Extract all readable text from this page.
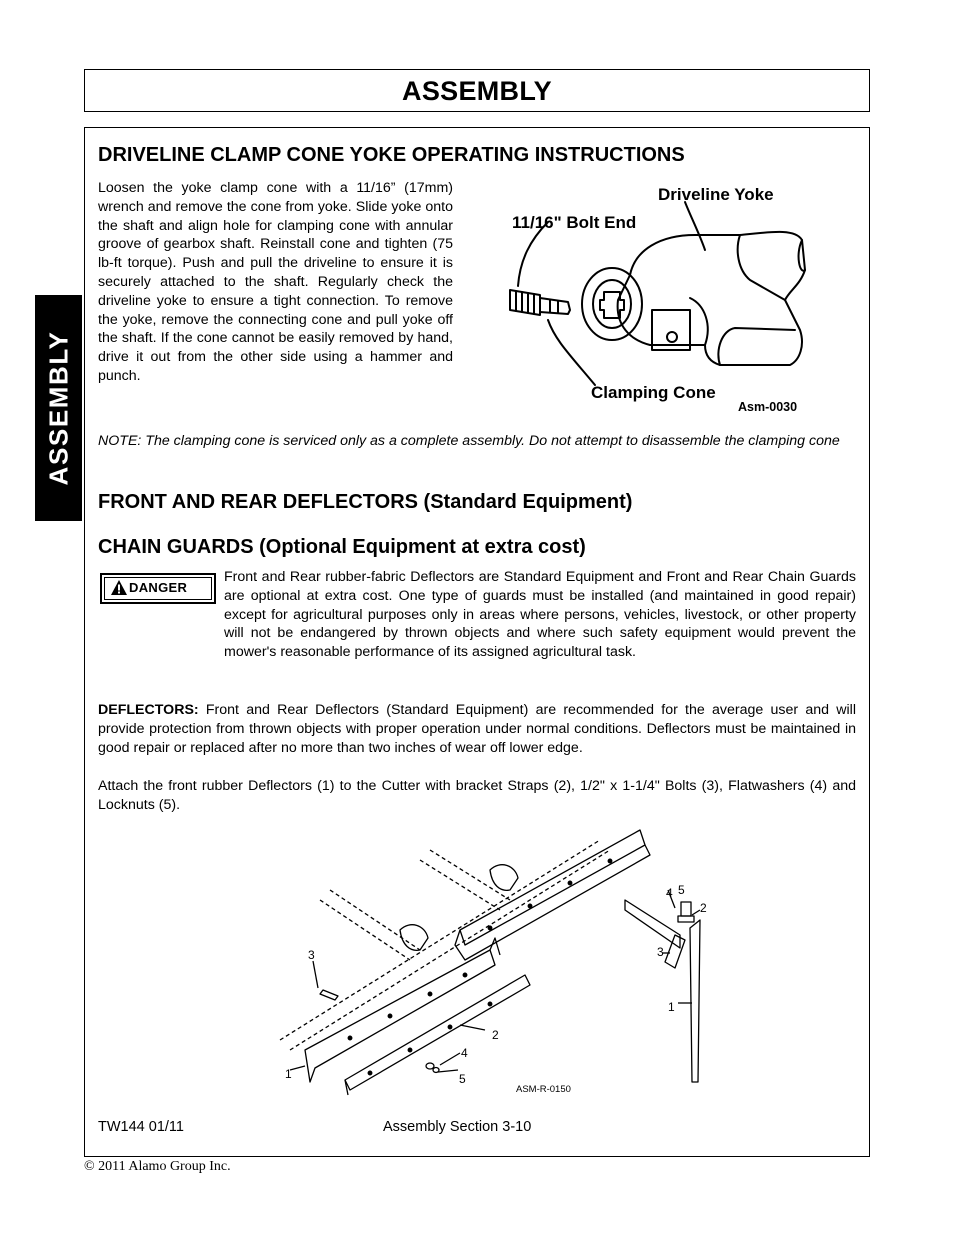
ASSEMBLY
ASSEMBLY
DRIVELINE CLAMP CONE YOKE OPERATING INSTRUCTIONS
Loosen the yoke clamp cone with a 11/16” (17mm) wrench and remove the cone from yoke. Slide yoke onto the shaft and align hole for clamping cone with annular groove of gearbox shaft. Reinstall cone and tighten (75 lb-ft torque). Push and pull the driveline to ensure it is securely attached to the shaft. Regularly check the driveline yoke to ensure a tight connection. To remove the yoke, remove the connecting cone and pull yoke off the shaft. If the cone cannot be easily removed by hand, drive it out from the other side using a hammer and punch.
Driveline Yoke
11/16" Bolt End
Clamping Cone
Asm-0030
NOTE: The clamping cone is serviced only as a complete assembly. Do not attempt to disassemble the clamping cone
FRONT AND REAR DEFLECTORS (Standard Equipment)
CHAIN GUARDS (Optional Equipment at extra cost)
DANGER
Front and Rear rubber-fabric Deflectors are Standard Equipment and Front and Rear Chain Guards are optional at extra cost. One type of guards must be installed (and maintained in good repair) except for agricultural purposes only in areas where persons, vehicles, livestock, or other property will not be endangered by thrown objects and where such safety equipment would prevent the mower's reasonable performance of its assigned agricultural task.
DEFLECTORS: Front and Rear Deflectors (Standard Equipment) are recommended for the average user and will provide protection from thrown objects with proper operation under normal conditions. Deflectors must be maintained in good repair or replaced after no more than two inches of wear off lower edge.
Attach the front rubber Deflectors (1) to the Cutter with bracket Straps (2), 1/2" x 1-1/4" Bolts (3), Flatwashers (4) and Locknuts (5).
3
1
2
4
5
4 5
2
3
1
ASM-R-0150
TW144 01/11	Assembly Section 3-10
© 2011 Alamo Group Inc.
